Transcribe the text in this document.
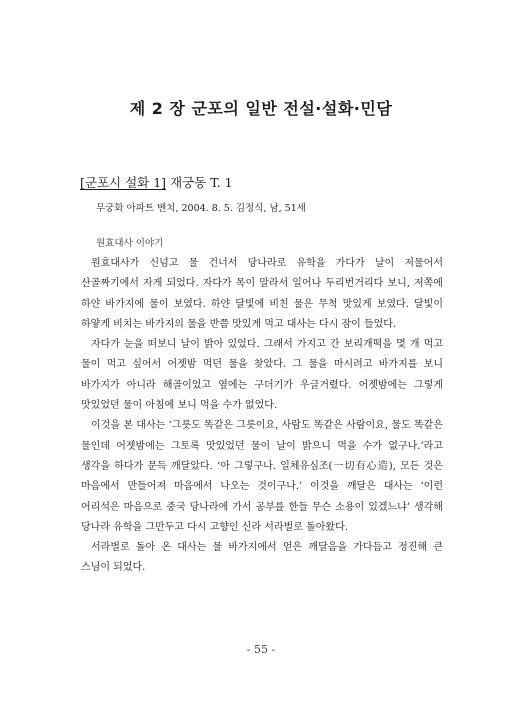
제 2 장 군포의 일반 전설·설화·민담
[군포시 설화 1] 재궁동 T. 1
무궁화 아파트 벤치, 2004. 8. 5. 김정식, 남, 51세
원효대사 이야기

원효대사가 신넘고 물 건너서 당나라로 유학을 가다가 날이 저물어서 산골짜기에서 자게 되었다. 자다가 목이 말라서 일어나 두리번거리다 보니, 저쪽에 하얀 바가지에 물이 보였다. 하얀 달빛에 비친 물은 무척 맛있게 보였다. 달빛이 하얗게 비치는 바가지의 물을 반쯤 맛있게 먹고 대사는 다시 잠이 들었다.

자다가 눈을 떠보니 날이 밝아 있었다. 그래서 가지고 간 보리개떡을 몇 개 먹고 물이 먹고 싶어서 어젯밤 먹던 물을 찾았다. 그 물을 마시려고 바가지를 보니 바가지가 아니라 해골이었고 옆에는 구더기가 우글거렸다. 어젯밤에는 그렇게 맛있었던 물이 아침에 보니 먹을 수가 없었다.

이것을 본 대사는 ‘그릇도 똑같은 그릇이요, 사람도 똑같은 사람이요, 물도 똑같은 물인데 어젯밤에는 그토록 맛있었던 물이 날이 밝으니 먹을 수가 없구나.’라고 생각을 하다가 문득 깨달았다. ‘아 그렇구나. 일체유심조(一切有心造), 모든 것은 마음에서 만들어져 마음에서 나오는 것이구나.’ 이것을 깨달은 대사는 ‘이런 어리석은 마음으로 중국 당나라에 가서 공부를 한들 무슨 소용이 있겠느냐’ 생각해 당나라 유학을 그만두고 다시 고향인 신라 서라벌로 돌아왔다.

서라벌로 돌아 온 대사는 물 바가지에서 얻은 깨달음을 가다듬고 정진해 큰 스님이 되었다.

- 55 -
